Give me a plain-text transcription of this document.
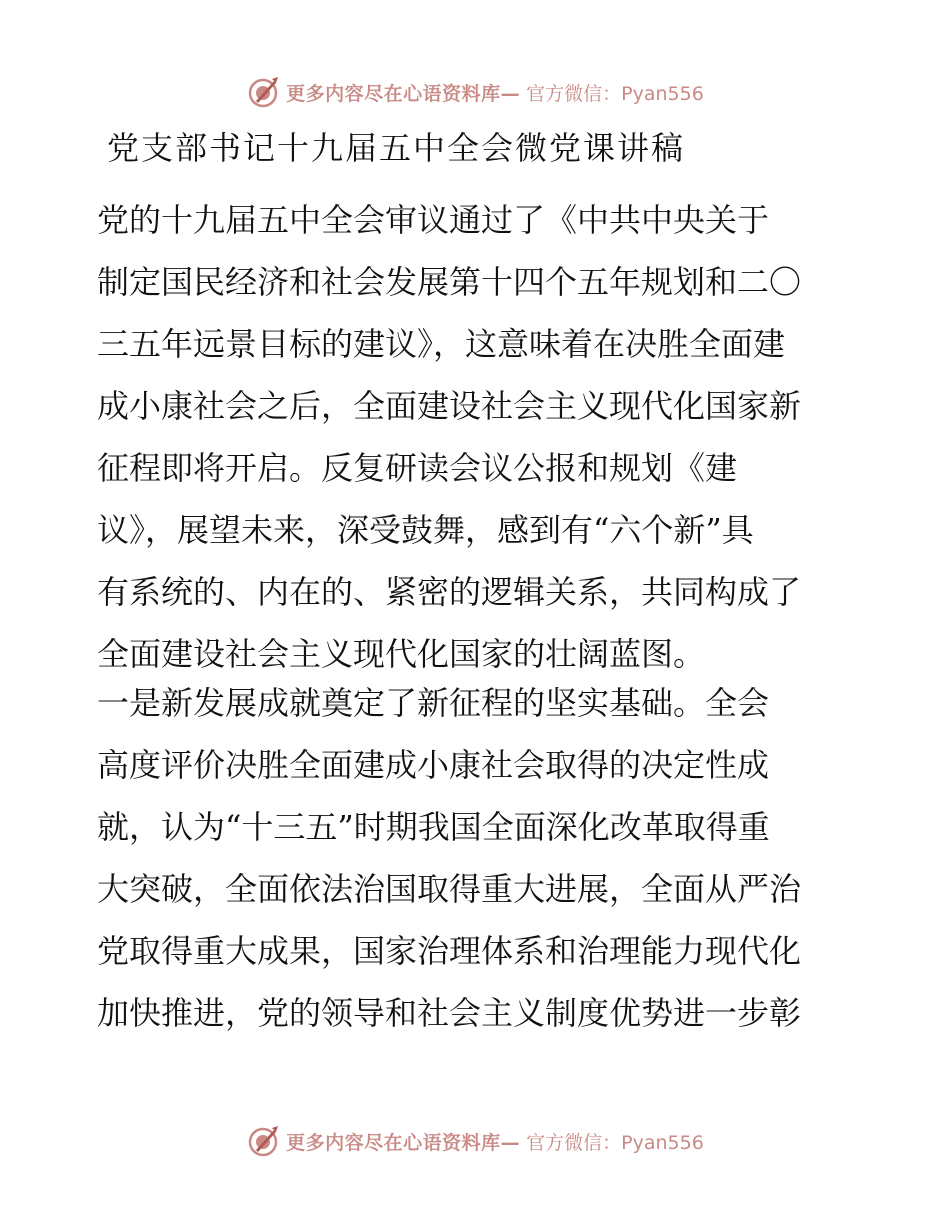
更多内容尽在心语资料库— 官方微信：Pyan556
党支部书记十九届五中全会微党课讲稿
党的十九届五中全会审议通过了《中共中央关于
制定国民经济和社会发展第十四个五年规划和二〇
三五年远景目标的建议》，这意味着在决胜全面建
成小康社会之后，全面建设社会主义现代化国家新
征程即将开启。反复研读会议公报和规划《建
议》，展望未来，深受鼓舞，感到有“六个新”具
有系统的、内在的、紧密的逻辑关系，共同构成了
全面建设社会主义现代化国家的壮阔蓝图。
一是新发展成就奠定了新征程的坚实基础。全会
高度评价决胜全面建成小康社会取得的决定性成
就，认为“十三五”时期我国全面深化改革取得重
大突破，全面依法治国取得重大进展，全面从严治
党取得重大成果，国家治理体系和治理能力现代化
加快推进，党的领导和社会主义制度优势进一步彰
更多内容尽在心语资料库— 官方微信：Pyan556
